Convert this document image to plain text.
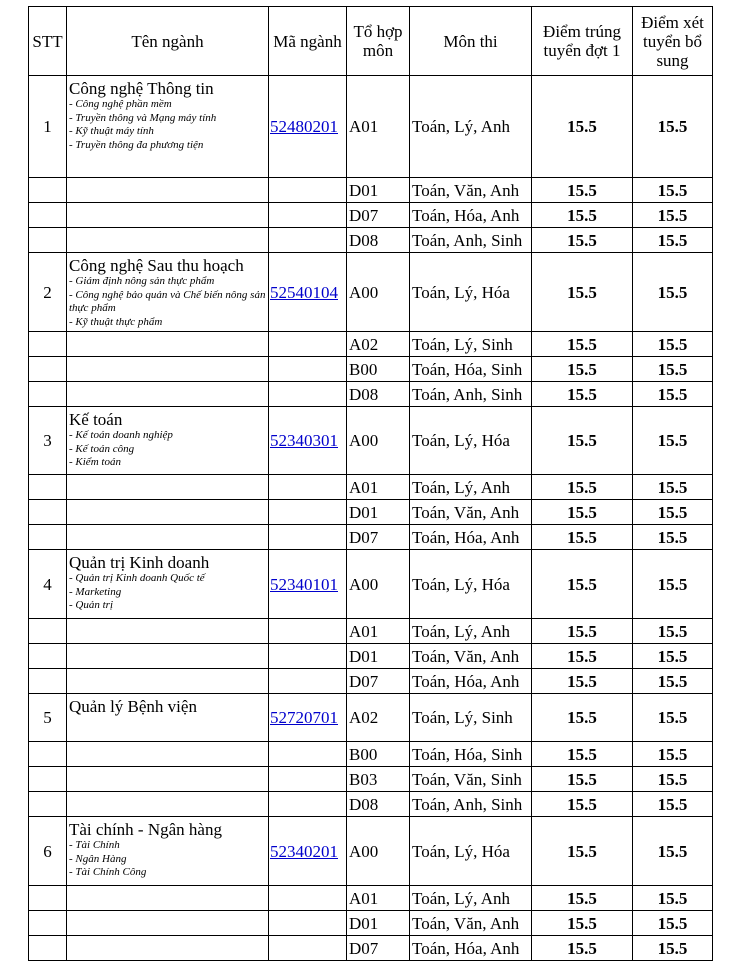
STT	Tên ngành	Mã ngành	Tổ hợp môn	Môn thi	Điểm trúng tuyển đợt 1	Điểm xét tuyển bổ sung
1	Công nghệ Thông tin
- Công nghệ phần mềm
- Truyền thông và Mạng máy tính
- Kỹ thuật máy tính
- Truyền thông đa phương tiện	52480201	A01	Toán, Lý, Anh	15.5	15.5
			D01	Toán, Văn, Anh	15.5	15.5
			D07	Toán, Hóa, Anh	15.5	15.5
			D08	Toán, Anh, Sinh	15.5	15.5
2	Công nghệ Sau thu hoạch
- Giám định nông sản thực phẩm
- Công nghệ bảo quản và Chế biến nông sản thực phẩm
- Kỹ thuật thực phẩm	52540104	A00	Toán, Lý, Hóa	15.5	15.5
			A02	Toán, Lý, Sinh	15.5	15.5
			B00	Toán, Hóa, Sinh	15.5	15.5
			D08	Toán, Anh, Sinh	15.5	15.5
3	Kế toán
- Kế toán doanh nghiệp
- Kế toán công
- Kiểm toán	52340301	A00	Toán, Lý, Hóa	15.5	15.5
			A01	Toán, Lý, Anh	15.5	15.5
			D01	Toán, Văn, Anh	15.5	15.5
			D07	Toán, Hóa, Anh	15.5	15.5
4	Quản trị Kinh doanh
- Quản trị Kinh doanh Quốc tế
- Marketing
- Quản trị	52340101	A00	Toán, Lý, Hóa	15.5	15.5
			A01	Toán, Lý, Anh	15.5	15.5
			D01	Toán, Văn, Anh	15.5	15.5
			D07	Toán, Hóa, Anh	15.5	15.5
5	Quản lý Bệnh viện	52720701	A02	Toán, Lý, Sinh	15.5	15.5
			B00	Toán, Hóa, Sinh	15.5	15.5
			B03	Toán, Văn, Sinh	15.5	15.5
			D08	Toán, Anh, Sinh	15.5	15.5
6	Tài chính - Ngân hàng
- Tài Chính
- Ngân Hàng
- Tài Chính Công	52340201	A00	Toán, Lý, Hóa	15.5	15.5
			A01	Toán, Lý, Anh	15.5	15.5
			D01	Toán, Văn, Anh	15.5	15.5
			D07	Toán, Hóa, Anh	15.5	15.5
